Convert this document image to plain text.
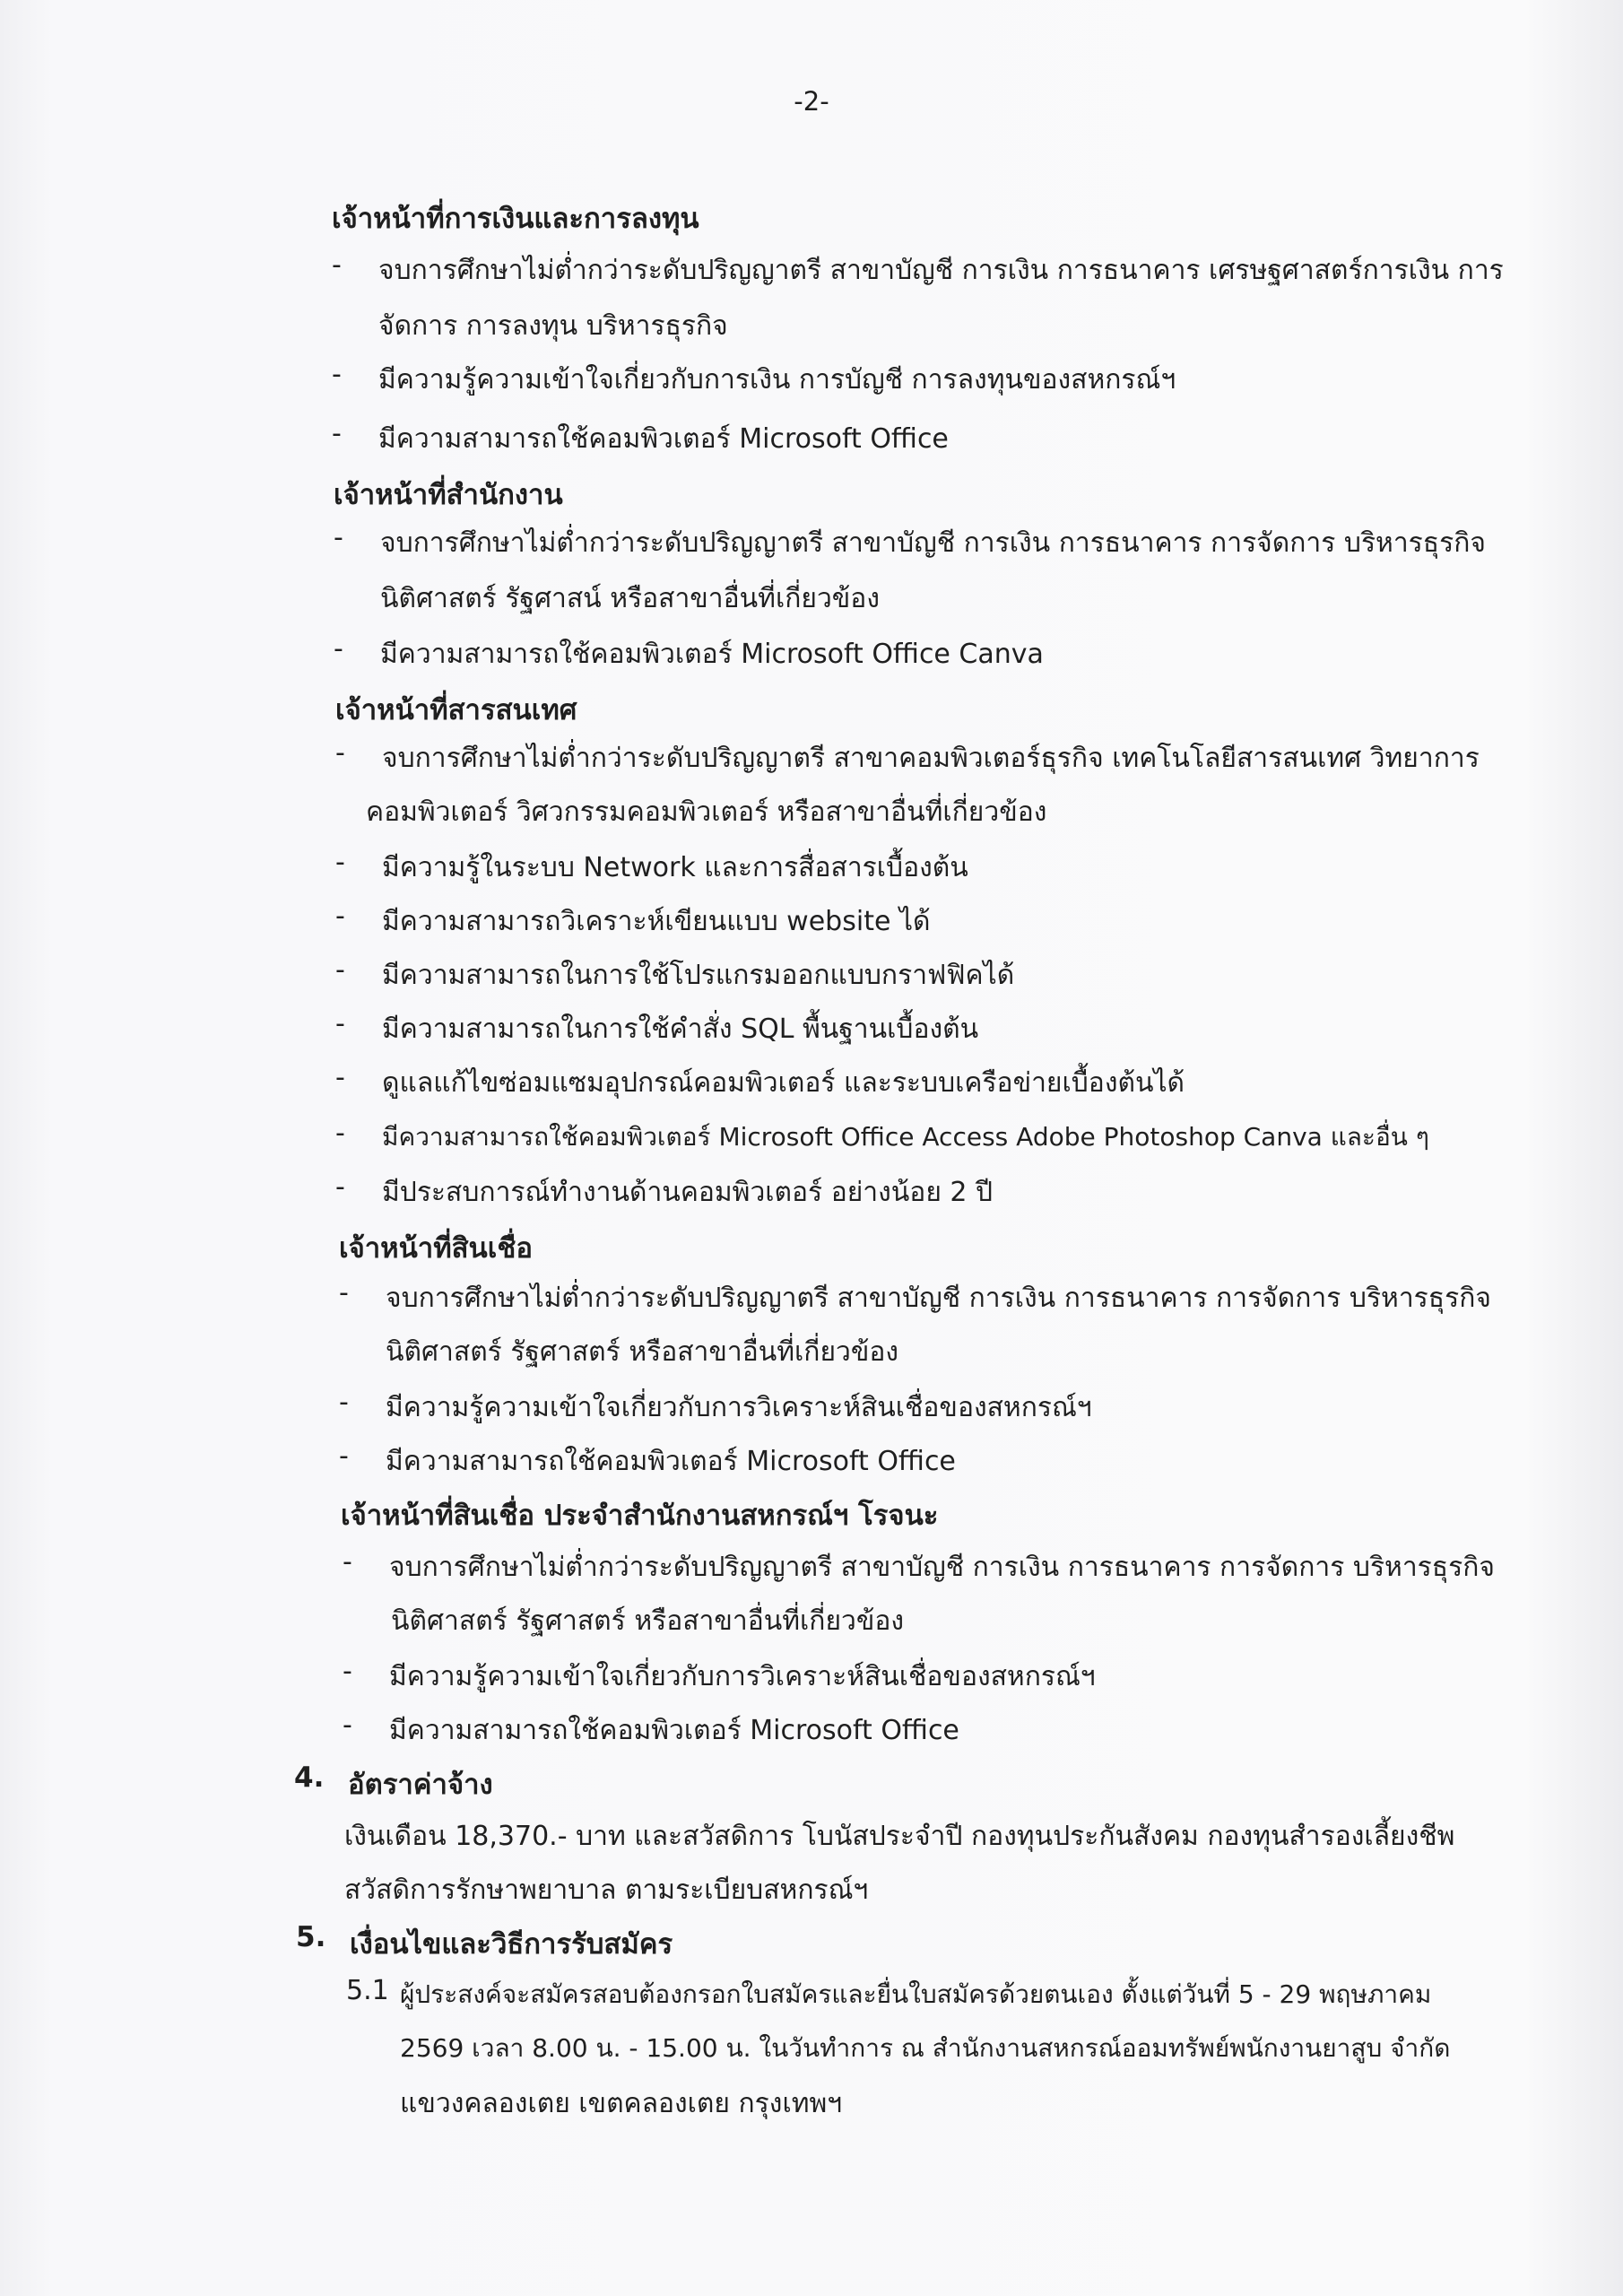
-2-
เจ้าหน้าที่การเงินและการลงทุน
-	จบการศึกษาไม่ต่ำกว่าระดับปริญญาตรี สาขาบัญชี การเงิน การธนาคาร เศรษฐศาสตร์การเงิน การ
จัดการ การลงทุน บริหารธุรกิจ
-	มีความรู้ความเข้าใจเกี่ยวกับการเงิน การบัญชี การลงทุนของสหกรณ์ฯ
-	มีความสามารถใช้คอมพิวเตอร์ Microsoft Office
เจ้าหน้าที่สำนักงาน
-	จบการศึกษาไม่ต่ำกว่าระดับปริญญาตรี สาขาบัญชี การเงิน การธนาคาร การจัดการ บริหารธุรกิจ
นิติศาสตร์ รัฐศาสน์ หรือสาขาอื่นที่เกี่ยวข้อง
-	มีความสามารถใช้คอมพิวเตอร์ Microsoft Office Canva
เจ้าหน้าที่สารสนเทศ
-	จบการศึกษาไม่ต่ำกว่าระดับปริญญาตรี สาขาคอมพิวเตอร์ธุรกิจ เทคโนโลยีสารสนเทศ วิทยาการ
คอมพิวเตอร์ วิศวกรรมคอมพิวเตอร์ หรือสาขาอื่นที่เกี่ยวข้อง
-	มีความรู้ในระบบ Network และการสื่อสารเบื้องต้น
-	มีความสามารถวิเคราะห์เขียนแบบ website ได้
-	มีความสามารถในการใช้โปรแกรมออกแบบกราฟฟิคได้
-	มีความสามารถในการใช้คำสั่ง SQL พื้นฐานเบื้องต้น
-	ดูแลแก้ไขซ่อมแซมอุปกรณ์คอมพิวเตอร์ และระบบเครือข่ายเบื้องต้นได้
-	มีความสามารถใช้คอมพิวเตอร์ Microsoft Office Access Adobe Photoshop Canva และอื่น ๆ
-	มีประสบการณ์ทำงานด้านคอมพิวเตอร์ อย่างน้อย 2 ปี
เจ้าหน้าที่สินเชื่อ
-	จบการศึกษาไม่ต่ำกว่าระดับปริญญาตรี สาขาบัญชี การเงิน การธนาคาร การจัดการ บริหารธุรกิจ
นิติศาสตร์ รัฐศาสตร์ หรือสาขาอื่นที่เกี่ยวข้อง
-	มีความรู้ความเข้าใจเกี่ยวกับการวิเคราะห์สินเชื่อของสหกรณ์ฯ
-	มีความสามารถใช้คอมพิวเตอร์ Microsoft Office
เจ้าหน้าที่สินเชื่อ ประจำสำนักงานสหกรณ์ฯ โรจนะ
-	จบการศึกษาไม่ต่ำกว่าระดับปริญญาตรี สาขาบัญชี การเงิน การธนาคาร การจัดการ บริหารธุรกิจ
นิติศาสตร์ รัฐศาสตร์ หรือสาขาอื่นที่เกี่ยวข้อง
-	มีความรู้ความเข้าใจเกี่ยวกับการวิเคราะห์สินเชื่อของสหกรณ์ฯ
-	มีความสามารถใช้คอมพิวเตอร์ Microsoft Office
4. อัตราค่าจ้าง
เงินเดือน 18,370.- บาท และสวัสดิการ โบนัสประจำปี กองทุนประกันสังคม กองทุนสำรองเลี้ยงชีพ
สวัสดิการรักษาพยาบาล ตามระเบียบสหกรณ์ฯ
5. เงื่อนไขและวิธีการรับสมัคร
5.1 ผู้ประสงค์จะสมัครสอบต้องกรอกใบสมัครและยื่นใบสมัครด้วยตนเอง ตั้งแต่วันที่ 5 - 29 พฤษภาคม
2569 เวลา 8.00 น. - 15.00 น. ในวันทำการ ณ สำนักงานสหกรณ์ออมทรัพย์พนักงานยาสูบ จำกัด
แขวงคลองเตย เขตคลองเตย กรุงเทพฯ
